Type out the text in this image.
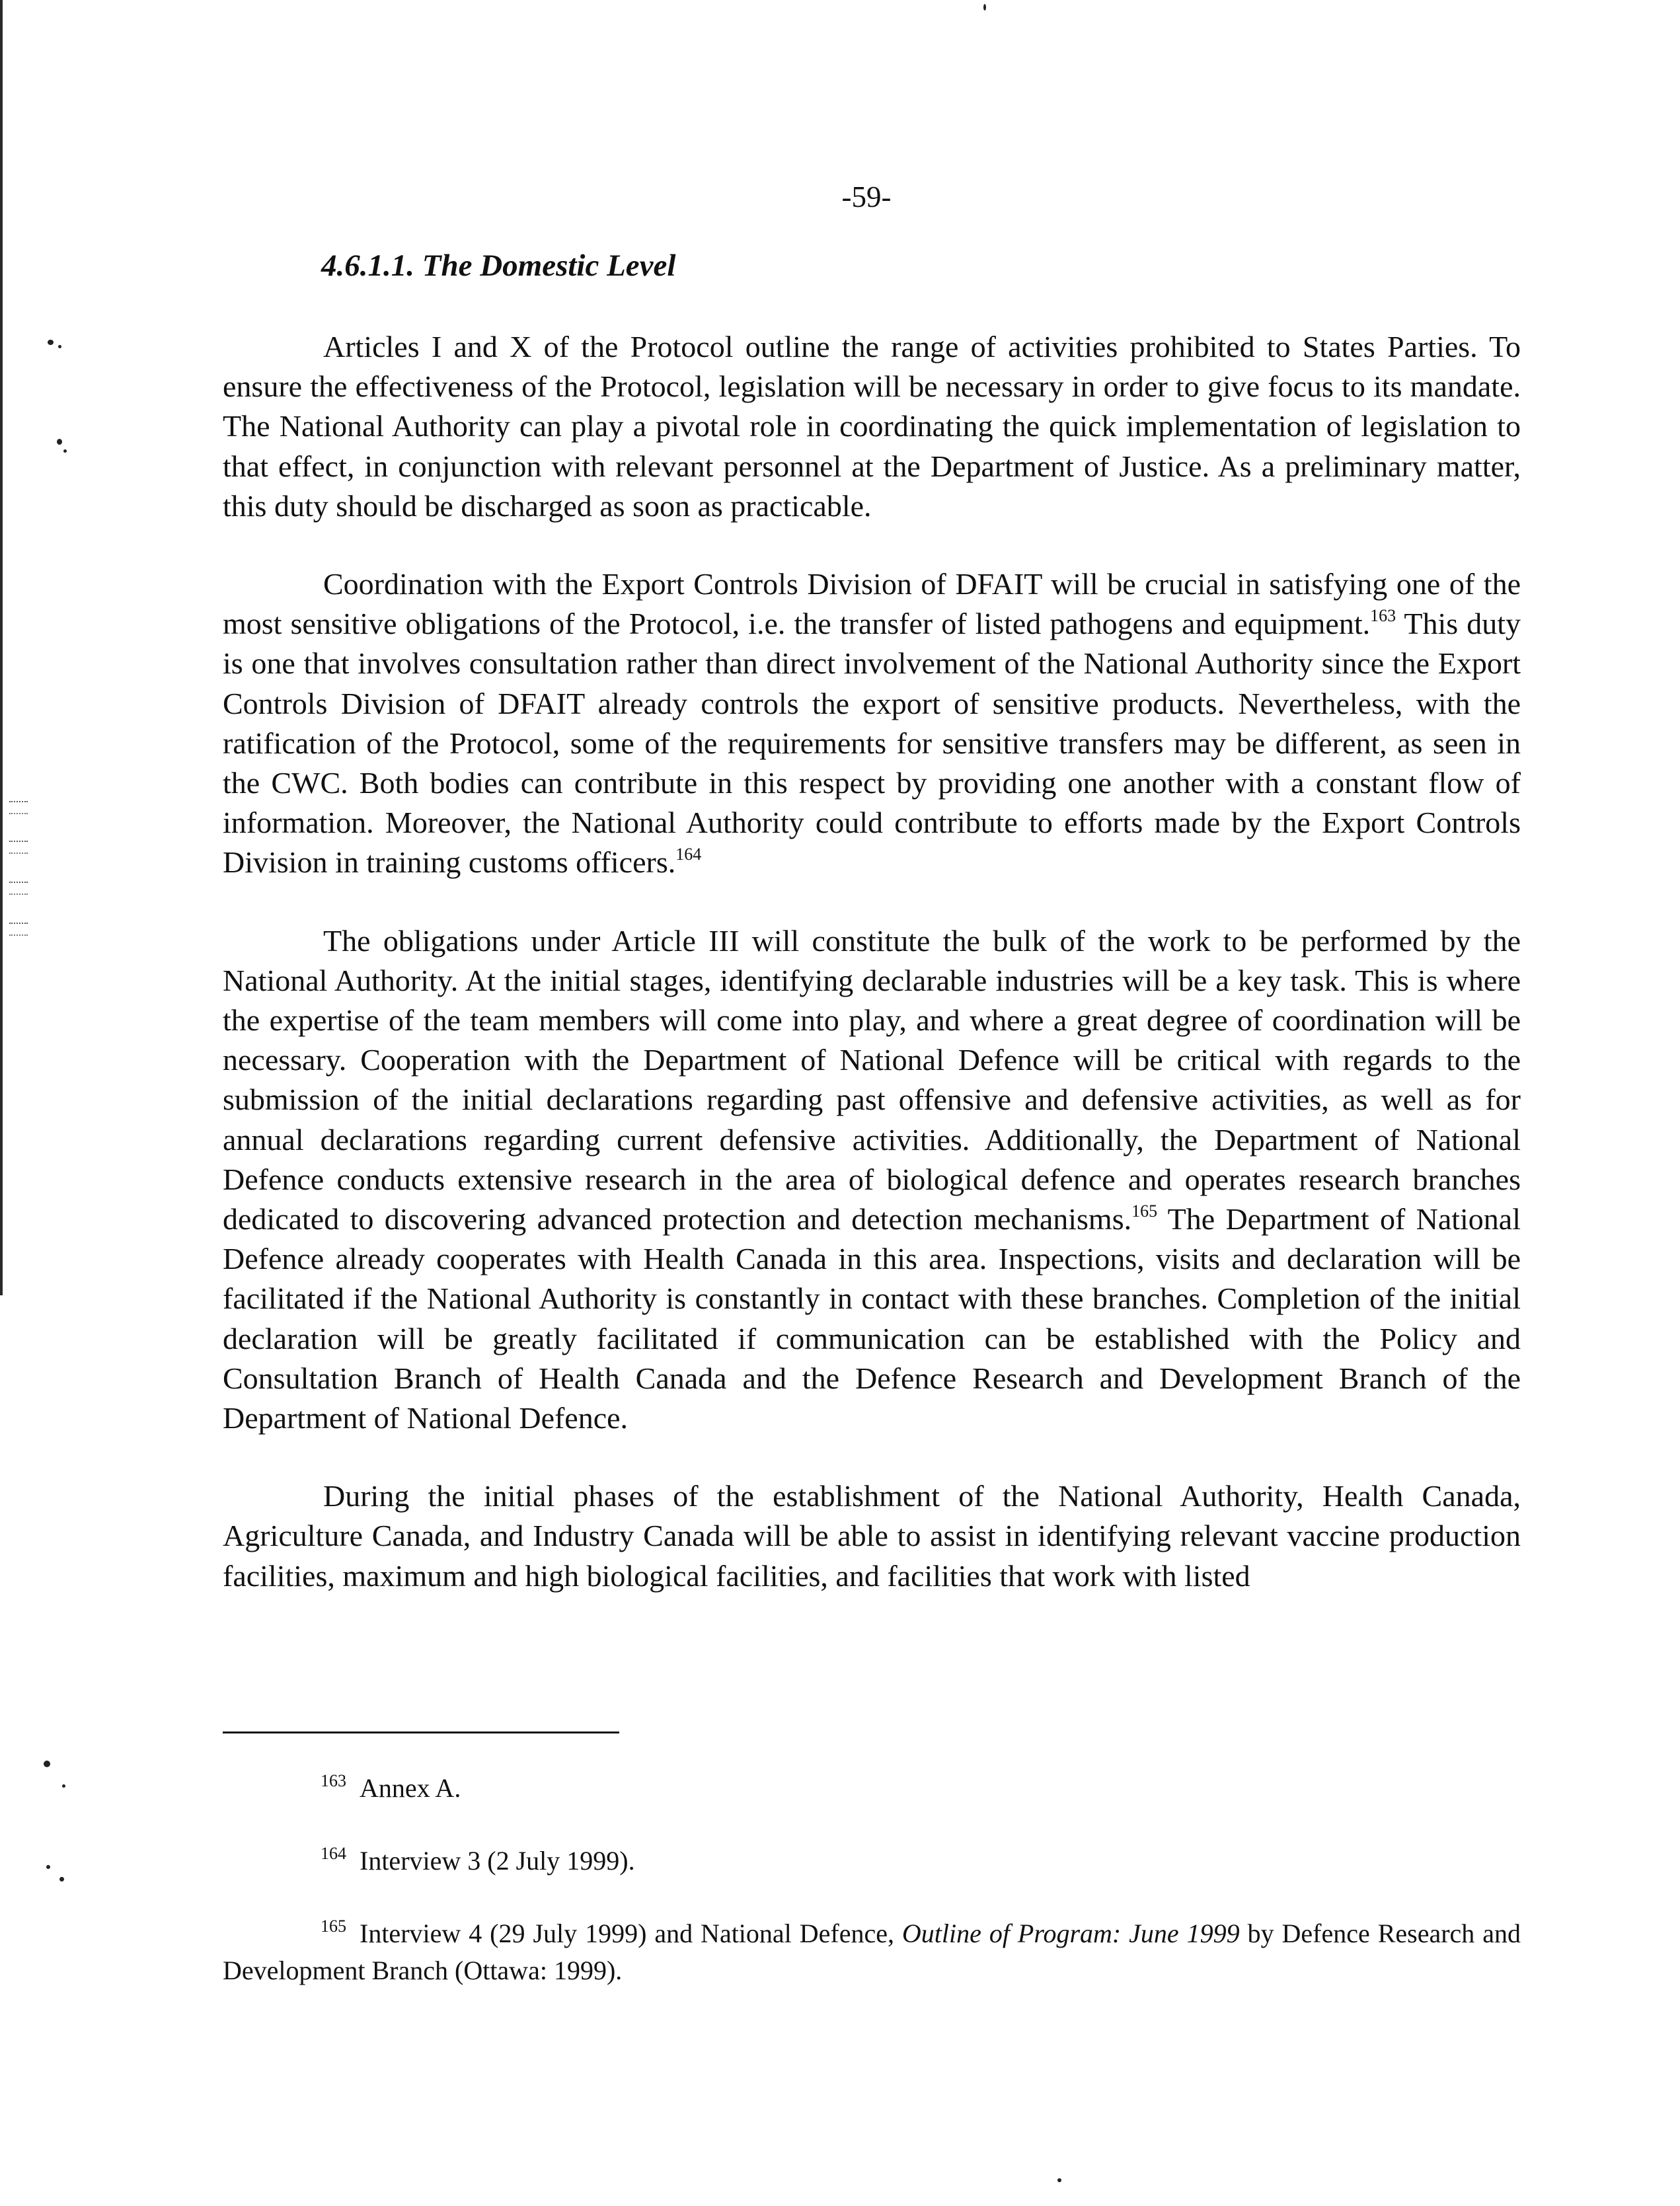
-59-
4.6.1.1. The Domestic Level

Articles I and X of the Protocol outline the range of activities prohibited to States Parties. To ensure the effectiveness of the Protocol, legislation will be necessary in order to give focus to its mandate. The National Authority can play a pivotal role in coordinating the quick implementation of legislation to that effect, in conjunction with relevant personnel at the Department of Justice. As a preliminary matter, this duty should be discharged as soon as practicable.

Coordination with the Export Controls Division of DFAIT will be crucial in satisfying one of the most sensitive obligations of the Protocol, i.e. the transfer of listed pathogens and equipment.$^{163}$ This duty is one that involves consultation rather than direct involvement of the National Authority since the Export Controls Division of DFAIT already controls the export of sensitive products. Nevertheless, with the ratification of the Protocol, some of the requirements for sensitive transfers may be different, as seen in the CWC. Both bodies can contribute in this respect by providing one another with a constant flow of information. Moreover, the National Authority could contribute to efforts made by the Export Controls Division in training customs officers.$^{164}$

The obligations under Article III will constitute the bulk of the work to be performed by the National Authority. At the initial stages, identifying declarable industries will be a key task. This is where the expertise of the team members will come into play, and where a great degree of coordination will be necessary. Cooperation with the Department of National Defence will be critical with regards to the submission of the initial declarations regarding past offensive and defensive activities, as well as for annual declarations regarding current defensive activities. Additionally, the Department of National Defence conducts extensive research in the area of biological defence and operates research branches dedicated to discovering advanced protection and detection mechanisms.$^{165}$ The Department of National Defence already cooperates with Health Canada in this area. Inspections, visits and declaration will be facilitated if the National Authority is constantly in contact with these branches. Completion of the initial declaration will be greatly facilitated if communication can be established with the Policy and Consultation Branch of Health Canada and the Defence Research and Development Branch of the Department of National Defence.

During the initial phases of the establishment of the National Authority, Health Canada, Agriculture Canada, and Industry Canada will be able to assist in identifying relevant vaccine production facilities, maximum and high biological facilities, and facilities that work with listed

$^{163}$ Annex A.
$^{164}$ Interview 3 (2 July 1999).
$^{165}$ Interview 4 (29 July 1999) and National Defence, Outline of Program: June 1999 by Defence Research and Development Branch (Ottawa: 1999).
